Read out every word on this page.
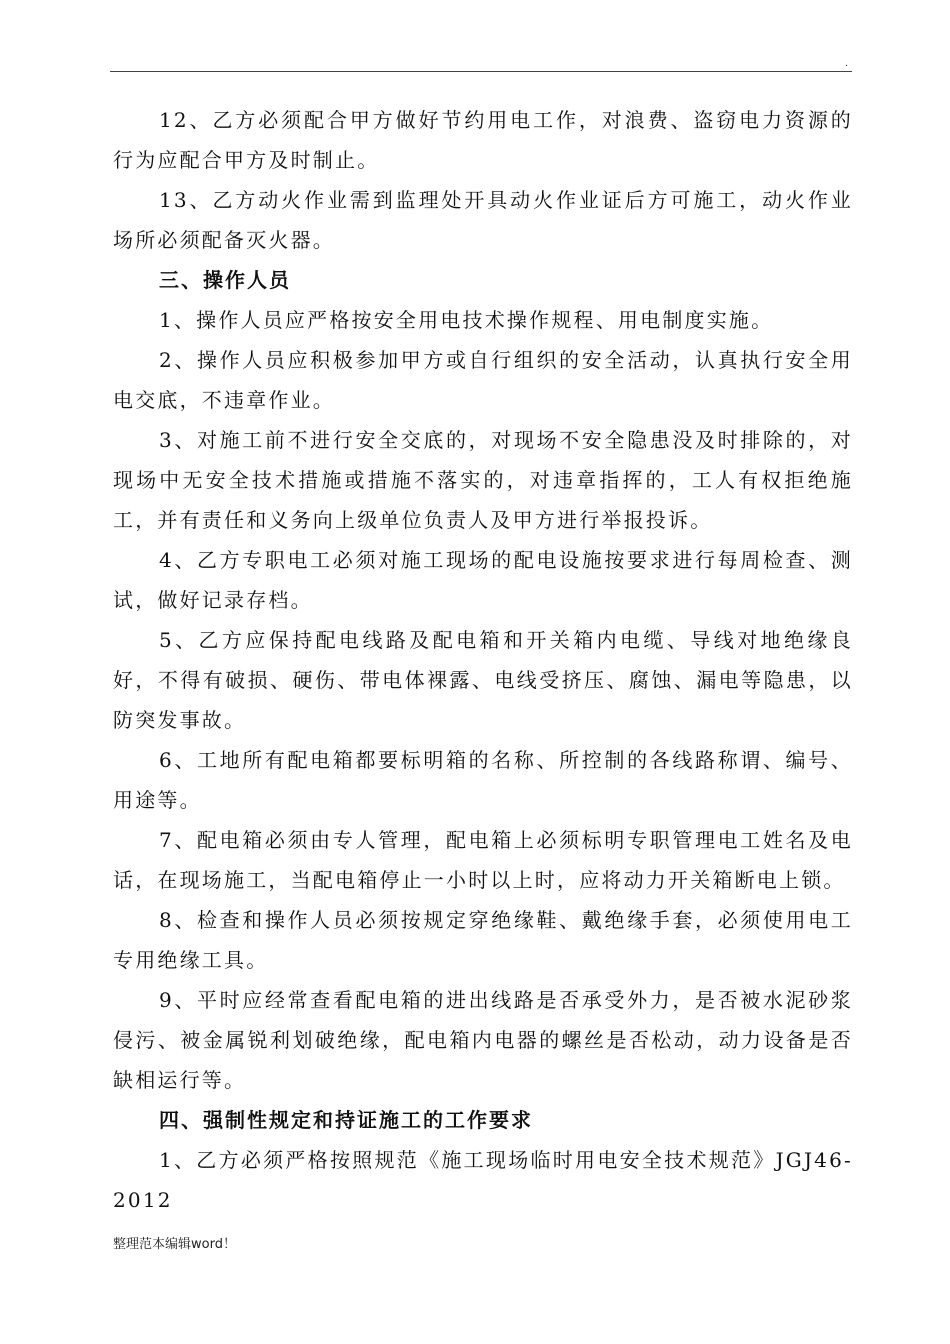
.

12、乙方必须配合甲方做好节约用电工作，对浪费、盗窃电力资源的行为应配合甲方及时制止。

13、乙方动火作业需到监理处开具动火作业证后方可施工，动火作业场所必须配备灭火器。

三、操作人员

1、操作人员应严格按安全用电技术操作规程、用电制度实施。

2、操作人员应积极参加甲方或自行组织的安全活动，认真执行安全用电交底，不违章作业。

3、对施工前不进行安全交底的，对现场不安全隐患没及时排除的，对现场中无安全技术措施或措施不落实的，对违章指挥的，工人有权拒绝施工，并有责任和义务向上级单位负责人及甲方进行举报投诉。

4、乙方专职电工必须对施工现场的配电设施按要求进行每周检查、测试，做好记录存档。

5、乙方应保持配电线路及配电箱和开关箱内电缆、导线对地绝缘良好，不得有破损、硬伤、带电体裸露、电线受挤压、腐蚀、漏电等隐患，以防突发事故。

6、工地所有配电箱都要标明箱的名称、所控制的各线路称谓、编号、用途等。

7、配电箱必须由专人管理，配电箱上必须标明专职管理电工姓名及电话，在现场施工，当配电箱停止一小时以上时，应将动力开关箱断电上锁。

8、检查和操作人员必须按规定穿绝缘鞋、戴绝缘手套，必须使用电工专用绝缘工具。

9、平时应经常查看配电箱的进出线路是否承受外力，是否被水泥砂浆侵污、被金属锐利划破绝缘，配电箱内电器的螺丝是否松动，动力设备是否缺相运行等。

四、强制性规定和持证施工的工作要求

1、乙方必须严格按照规范《施工现场临时用电安全技术规范》JGJ46-2012

整理范本编辑word！
